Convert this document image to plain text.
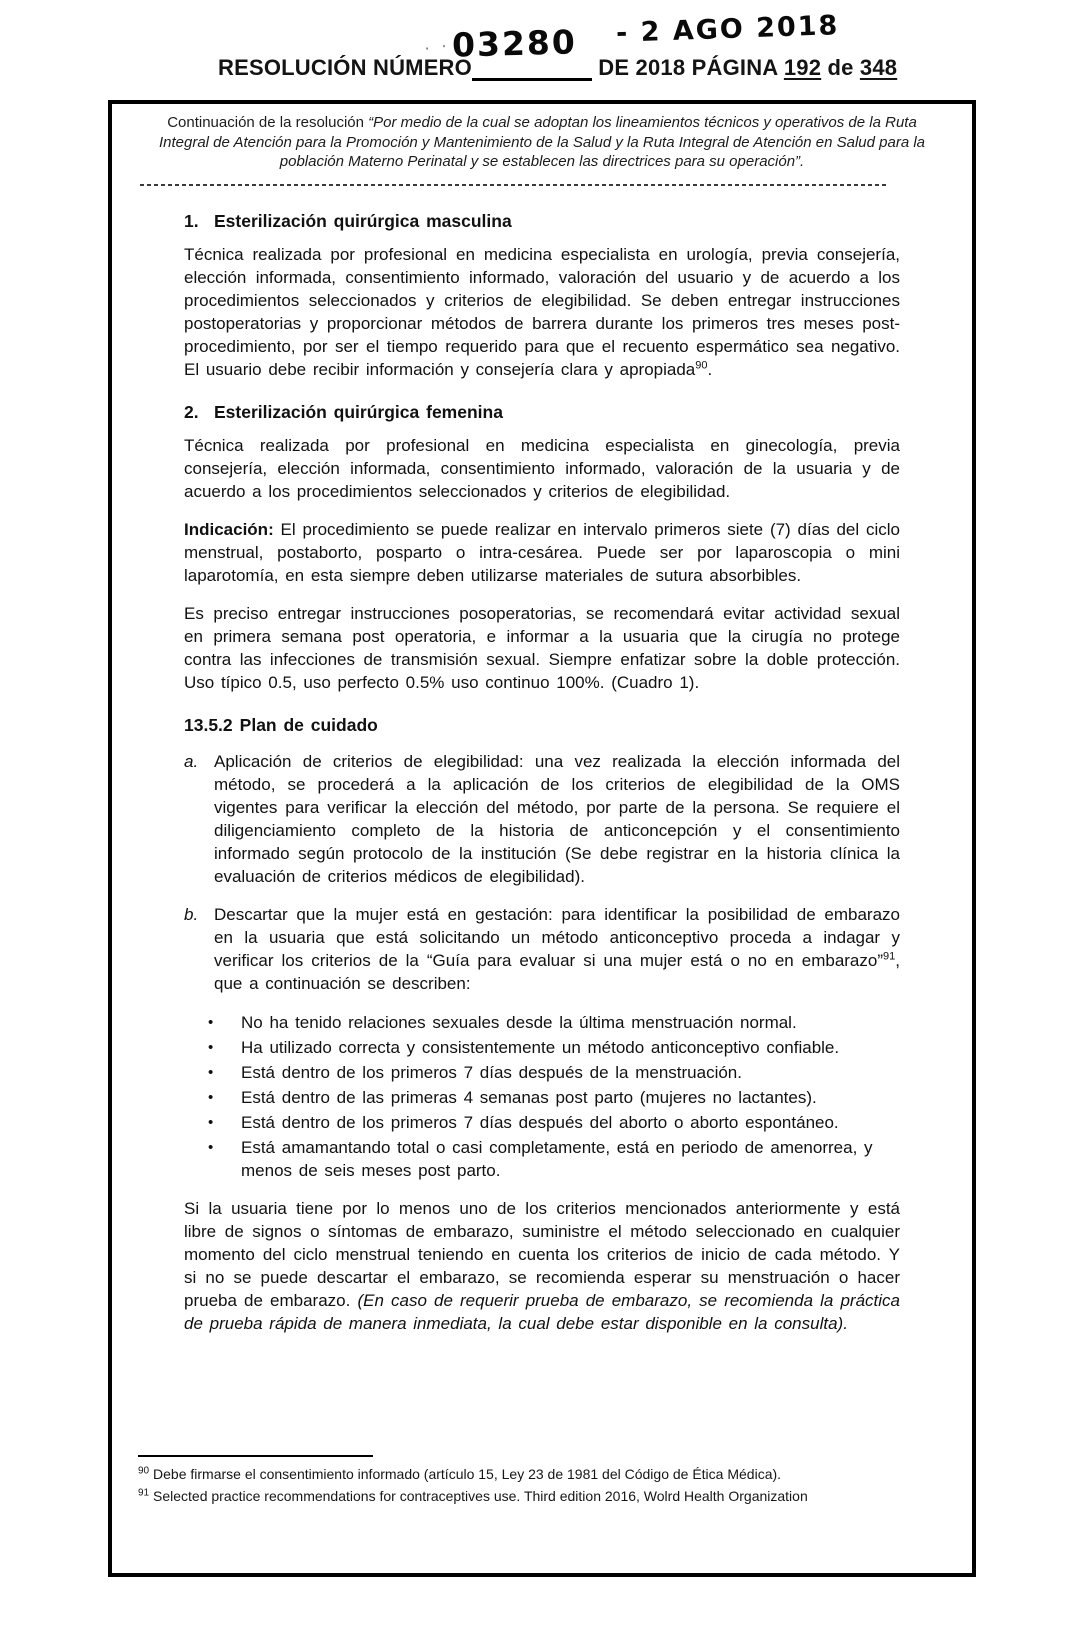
RESOLUCIÓN NÚMERO	DE 2018 PÁGINA 192 de 348
· · 03280 - 2 AGO 2018

Continuación de la resolución “Por medio de la cual se adoptan los lineamientos técnicos y operativos de la Ruta Integral de Atención para la Promoción y Mantenimiento de la Salud y la Ruta Integral de Atención en Salud para la población Materno Perinatal y se establecen las directrices para su operación”.

1. Esterilización quirúrgica masculina

Técnica realizada por profesional en medicina especialista en urología, previa consejería, elección informada, consentimiento informado, valoración del usuario y de acuerdo a los procedimientos seleccionados y criterios de elegibilidad. Se deben entregar instrucciones postoperatorias y proporcionar métodos de barrera durante los primeros tres meses post-procedimiento, por ser el tiempo requerido para que el recuento espermático sea negativo. El usuario debe recibir información y consejería clara y apropiada$^{90}$.

2. Esterilización quirúrgica femenina

Técnica realizada por profesional en medicina especialista en ginecología, previa consejería, elección informada, consentimiento informado, valoración de la usuaria y de acuerdo a los procedimientos seleccionados y criterios de elegibilidad.

Indicación: El procedimiento se puede realizar en intervalo primeros siete (7) días del ciclo menstrual, postaborto, posparto o intra-cesárea. Puede ser por laparoscopia o mini laparotomía, en esta siempre deben utilizarse materiales de sutura absorbibles.

Es preciso entregar instrucciones posoperatorias, se recomendará evitar actividad sexual en primera semana post operatoria, e informar a la usuaria que la cirugía no protege contra las infecciones de transmisión sexual. Siempre enfatizar sobre la doble protección. Uso típico 0.5, uso perfecto 0.5% uso continuo 100%. (Cuadro 1).

13.5.2 Plan de cuidado
a. Aplicación de criterios de elegibilidad: una vez realizada la elección informada del método, se procederá a la aplicación de los criterios de elegibilidad de la OMS vigentes para verificar la elección del método, por parte de la persona. Se requiere el diligenciamiento completo de la historia de anticoncepción y el consentimiento informado según protocolo de la institución (Se debe registrar en la historia clínica la evaluación de criterios médicos de elegibilidad).
b. Descartar que la mujer está en gestación: para identificar la posibilidad de embarazo en la usuaria que está solicitando un método anticonceptivo proceda a indagar y verificar los criterios de la “Guía para evaluar si una mujer está o no en embarazo”$^{91}$, que a continuación se describen:
•	No ha tenido relaciones sexuales desde la última menstruación normal.
•	Ha utilizado correcta y consistentemente un método anticonceptivo confiable.
•	Está dentro de los primeros 7 días después de la menstruación.
•	Está dentro de las primeras 4 semanas post parto (mujeres no lactantes).
•	Está dentro de los primeros 7 días después del aborto o aborto espontáneo.
•	Está amamantando total o casi completamente, está en periodo de amenorrea, y menos de seis meses post parto.

Si la usuaria tiene por lo menos uno de los criterios mencionados anteriormente y está libre de signos o síntomas de embarazo, suministre el método seleccionado en cualquier momento del ciclo menstrual teniendo en cuenta los criterios de inicio de cada método. Y si no se puede descartar el embarazo, se recomienda esperar su menstruación o hacer prueba de embarazo. (En caso de requerir prueba de embarazo, se recomienda la práctica de prueba rápida de manera inmediata, la cual debe estar disponible en la consulta).

$^{90}$ Debe firmarse el consentimiento informado (artículo 15, Ley 23 de 1981 del Código de Ética Médica).
$^{91}$ Selected practice recommendations for contraceptives use. Third edition 2016, Wolrd Health Organization
